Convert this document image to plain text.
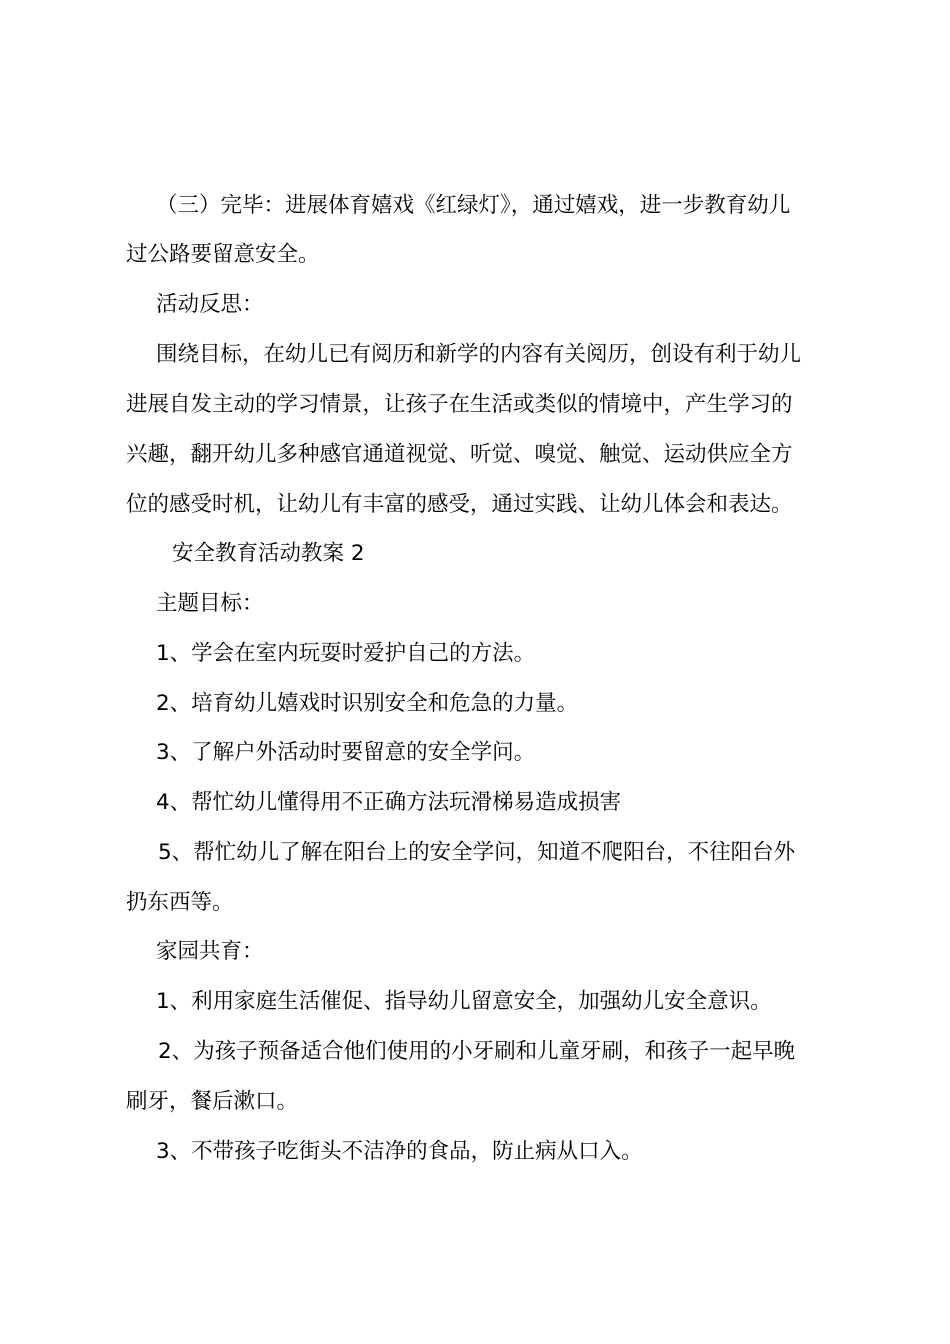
（三）完毕：进展体育嬉戏《红绿灯》，通过嬉戏，进一步教育幼儿
过公路要留意安全。
活动反思：
围绕目标，在幼儿已有阅历和新学的内容有关阅历，创设有利于幼儿
进展自发主动的学习情景，让孩子在生活或类似的情境中，产生学习的
兴趣，翻开幼儿多种感官通道视觉、听觉、嗅觉、触觉、运动供应全方
位的感受时机，让幼儿有丰富的感受，通过实践、让幼儿体会和表达。
安全教育活动教案 2
主题目标：
1、学会在室内玩耍时爱护自己的方法。
2、培育幼儿嬉戏时识别安全和危急的力量。
3、了解户外活动时要留意的安全学问。
4、帮忙幼儿懂得用不正确方法玩滑梯易造成损害
5、帮忙幼儿了解在阳台上的安全学问，知道不爬阳台，不往阳台外
扔东西等。
家园共育：
1、利用家庭生活催促、指导幼儿留意安全，加强幼儿安全意识。
2、为孩子预备适合他们使用的小牙刷和儿童牙刷，和孩子一起早晚
刷牙，餐后漱口。
3、不带孩子吃街头不洁净的食品，防止病从口入。
